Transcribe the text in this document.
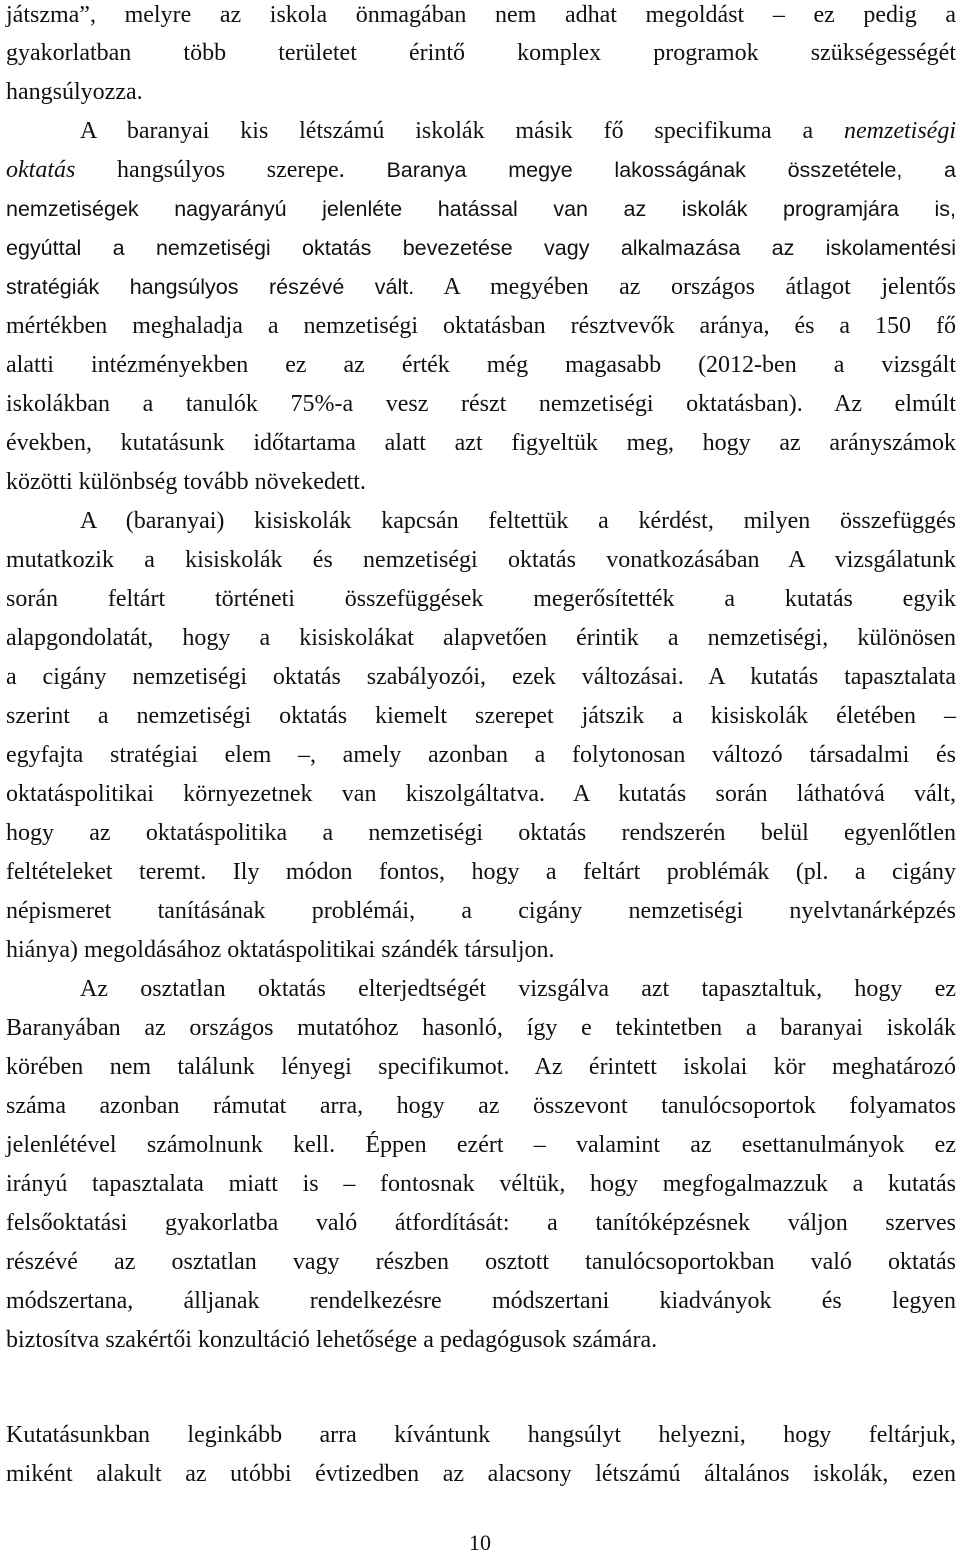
játszma”, melyre az iskola önmagában nem adhat megoldást – ez pedig a
gyakorlatban több területet érintő komplex programok szükségességét
hangsúlyozza.
A baranyai kis létszámú iskolák másik fő specifikuma a nemzetiségi
oktatás hangsúlyos szerepe. Baranya megye lakosságának összetétele, a
nemzetiségek nagyarányú jelenléte hatással van az iskolák programjára is,
egyúttal a nemzetiségi oktatás bevezetése vagy alkalmazása az iskolamentési
stratégiák hangsúlyos részévé vált. A megyében az országos átlagot jelentős
mértékben meghaladja a nemzetiségi oktatásban résztvevők aránya, és a 150 fő
alatti intézményekben ez az érték még magasabb (2012-ben a vizsgált
iskolákban a tanulók 75%-a vesz részt nemzetiségi oktatásban). Az elmúlt
években, kutatásunk időtartama alatt azt figyeltük meg, hogy az arányszámok
közötti különbség tovább növekedett.
A (baranyai) kisiskolák kapcsán feltettük a kérdést, milyen összefüggés
mutatkozik a kisiskolák és nemzetiségi oktatás vonatkozásában A vizsgálatunk
során feltárt történeti összefüggések megerősítették a kutatás egyik
alapgondolatát, hogy a kisiskolákat alapvetően érintik a nemzetiségi, különösen
a cigány nemzetiségi oktatás szabályozói, ezek változásai. A kutatás tapasztalata
szerint a nemzetiségi oktatás kiemelt szerepet játszik a kisiskolák életében –
egyfajta stratégiai elem –, amely azonban a folytonosan változó társadalmi és
oktatáspolitikai környezetnek van kiszolgáltatva. A kutatás során láthatóvá vált,
hogy az oktatáspolitika a nemzetiségi oktatás rendszerén belül egyenlőtlen
feltételeket teremt. Ily módon fontos, hogy a feltárt problémák (pl. a cigány
népismeret tanításának problémái, a cigány nemzetiségi nyelvtanárképzés
hiánya) megoldásához oktatáspolitikai szándék társuljon.
Az osztatlan oktatás elterjedtségét vizsgálva azt tapasztaltuk, hogy ez
Baranyában az országos mutatóhoz hasonló, így e tekintetben a baranyai iskolák
körében nem találunk lényegi specifikumot. Az érintett iskolai kör meghatározó
száma azonban rámutat arra, hogy az összevont tanulócsoportok folyamatos
jelenlétével számolnunk kell. Éppen ezért – valamint az esettanulmányok ez
irányú tapasztalata miatt is – fontosnak véltük, hogy megfogalmazzuk a kutatás
felsőoktatási gyakorlatba való átfordítását: a tanítóképzésnek váljon szerves
részévé az osztatlan vagy részben osztott tanulócsoportokban való oktatás
módszertana, álljanak rendelkezésre módszertani kiadványok és legyen
biztosítva szakértői konzultáció lehetősége a pedagógusok számára.
Kutatásunkban leginkább arra kívántunk hangsúlyt helyezni, hogy feltárjuk,
miként alakult az utóbbi évtizedben az alacsony létszámú általános iskolák, ezen
10
